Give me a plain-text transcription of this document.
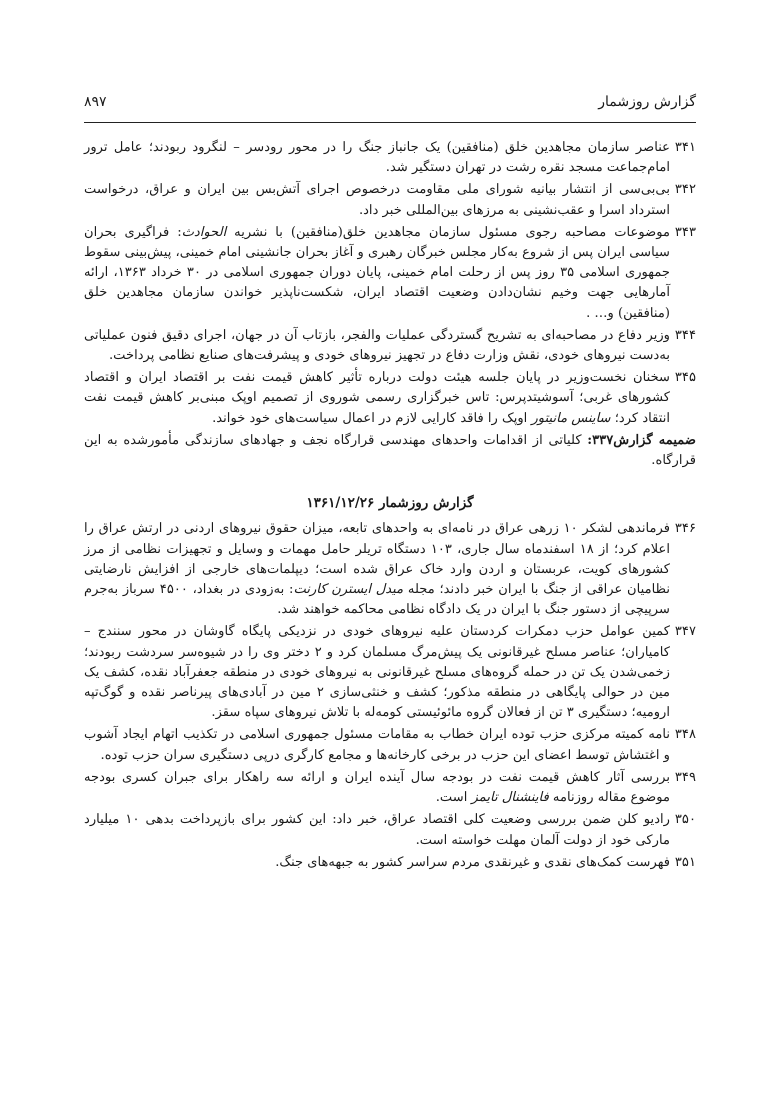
گزارش روزشمار
۸۹۷
۳۴۱
عناصر سازمان مجاهدین خلق (منافقین) یک جانباز جنگ را در محور رودسر – لنگرود ربودند؛ عامل ترور امام‌جماعت مسجد نقره رشت در تهران دستگیر شد.
۳۴۲
بی‌بی‌سی از انتشار بیانیه شورای ملی مقاومت درخصوص اجرای آتش‌بس بین ایران و عراق، درخواست استرداد اسرا و عقب‌نشینی به مرزهای بین‌المللی خبر داد.
۳۴۳
موضوعات مصاحبه رجوی مسئول سازمان مجاهدین خلق(منافقین) با نشریه الحوادث: فراگیری بحران سیاسی ایران پس از شروع به‌کار مجلس خبرگان رهبری و آغاز بحران جانشینی امام خمینی، پیش‌بینی سقوط جمهوری اسلامی ۳۵ روز پس از رحلت امام خمینی، پایان دوران جمهوری اسلامی در ۳۰ خرداد ۱۳۶۳، ارائه آمارهایی جهت وخیم نشان‌دادن وضعیت اقتصاد ایران، شکست‌ناپذیر خواندن سازمان مجاهدین خلق (منافقین) و… .
۳۴۴
وزیر دفاع در مصاحبه‌ای به تشریح گستردگی عملیات والفجر، بازتاب آن در جهان، اجرای دقیق فنون عملیاتی به‌دست نیروهای خودی، نقش وزارت دفاع در تجهیز نیروهای خودی و پیشرفت‌های صنایع نظامی پرداخت.
۳۴۵
سخنان نخست‌وزیر در پایان جلسه هیئت دولت درباره تأثیر کاهش قیمت نفت بر اقتصاد ایران و اقتصاد کشورهای غربی؛ آسوشیتدپرس: تاس خبرگزاری رسمی شوروی از تصمیم اوپک مبنی‌بر کاهش قیمت نفت انتقاد کرد؛ ساینس مانیتور اوپک را فاقد کارایی لازم در اعمال سیاست‌های خود خواند.
ضمیمه گزارش۳۳۷: کلیاتی از اقدامات واحدهای مهندسی قرارگاه نجف و جهادهای سازندگی مأمورشده به این قرارگاه.
گزارش روزشمار ۱۳۶۱/۱۲/۲۶
۳۴۶
فرماندهی لشکر ۱۰ زرهی عراق در نامه‌ای به واحدهای تابعه، میزان حقوق نیروهای اردنی در ارتش عراق را اعلام کرد؛ از ۱۸ اسفندماه سال جاری، ۱۰۳ دستگاه تریلر حامل مهمات و وسایل و تجهیزات نظامی از مرز کشورهای کویت، عربستان و اردن وارد خاک عراق شده است؛ دیپلمات‌های خارجی از افزایش نارضایتی نظامیان عراقی از جنگ با ایران خبر دادند؛ مجله میدل ایسترن کارنت: به‌زودی در بغداد، ۴۵۰۰ سرباز به‌جرم سرپیچی از دستور جنگ با ایران در یک دادگاه نظامی محاکمه خواهند شد.
۳۴۷
کمین عوامل حزب دمکرات کردستان علیه نیروهای خودی در نزدیکی پایگاه گاوشان در محور سنندج – کامیاران؛ عناصر مسلح غیرقانونی یک پیش‌مرگ مسلمان کرد و ۲ دختر وی را در شیوه‌سر سردشت ربودند؛ زخمی‌شدن یک تن در حمله گروه‌های مسلح غیرقانونی به نیروهای خودی در منطقه جعفرآباد نقده، کشف یک مین در حوالی پایگاهی در منطقه مذکور؛ کشف و خنثی‌سازی ۲ مین در آبادی‌های پیرناصر نقده و گوگ‌تپه ارومیه؛ دستگیری ۳ تن از فعالان گروه مائوئیستی کومه‌له با تلاش نیروهای سپاه سقز.
۳۴۸
نامه کمیته مرکزی حزب توده ایران خطاب به مقامات مسئول جمهوری اسلامی در تکذیب اتهام ایجاد آشوب و اغتشاش توسط اعضای این حزب در برخی کارخانه‌ها و مجامع کارگری درپی دستگیری سران حزب توده.
۳۴۹
بررسی آثار کاهش قیمت نفت در بودجه سال آینده ایران و ارائه سه راهکار برای جبران کسری بودجه موضوع مقاله روزنامه فاینشنال تایمز است.
۳۵۰
رادیو کلن ضمن بررسی وضعیت کلی اقتصاد عراق، خبر داد: این کشور برای بازپرداخت بدهی ۱۰ میلیارد مارکی خود از دولت آلمان مهلت خواسته است.
۳۵۱
فهرست کمک‌های نقدی و غیرنقدی مردم سراسر کشور به جبهه‌های جنگ.
